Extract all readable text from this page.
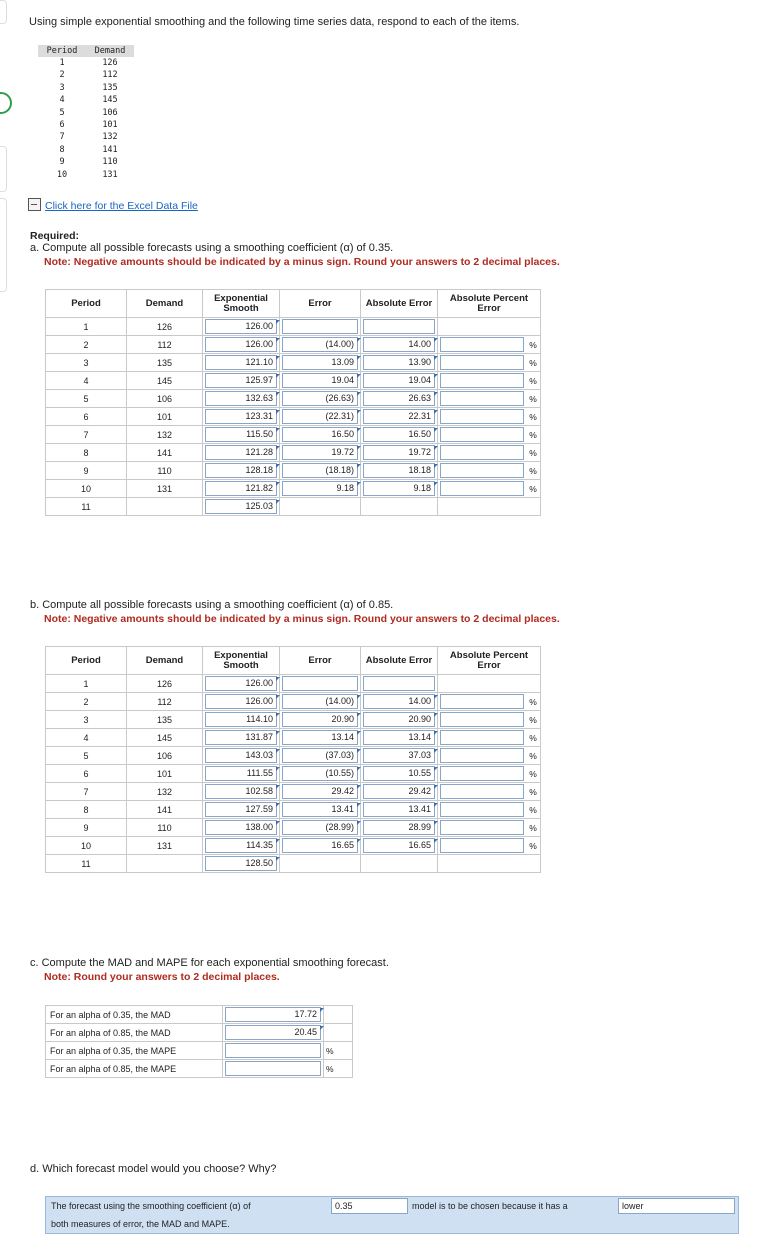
Using simple exponential smoothing and the following time series data, respond to each of the items.
Period	Demand
1	126
2	112
3	135
4	145
5	106
6	101
7	132
8	141
9	110
10	131
Click here for the Excel Data File
Required:
a. Compute all possible forecasts using a smoothing coefficient (α) of 0.35.
Note: Negative amounts should be indicated by a minus sign. Round your answers to 2 decimal places.
Period	Demand	Exponential Smooth	Error	Absolute Error	Absolute Percent Error
1	126	126.00			

2	112	126.00	(14.00)	14.00	%

3	135	121.10	13.09	13.90	%

4	145	125.97	19.04	19.04	%

5	106	132.63	(26.63)	26.63	%

6	101	123.31	(22.31)	22.31	%

7	132	115.50	16.50	16.50	%

8	141	121.28	19.72	19.72	%

9	110	128.18	(18.18)	18.18	%

10	131	121.82	9.18	9.18	%

11		125.03			

b. Compute all possible forecasts using a smoothing coefficient (α) of 0.85.
Note: Negative amounts should be indicated by a minus sign. Round your answers to 2 decimal places.
Period	Demand	Exponential Smooth	Error	Absolute Error	Absolute Percent Error
1	126	126.00			

2	112	126.00	(14.00)	14.00	%

3	135	114.10	20.90	20.90	%

4	145	131.87	13.14	13.14	%

5	106	143.03	(37.03)	37.03	%

6	101	111.55	(10.55)	10.55	%

7	132	102.58	29.42	29.42	%

8	141	127.59	13.41	13.41	%

9	110	138.00	(28.99)	28.99	%

10	131	114.35	16.65	16.65	%

11		128.50			

c. Compute the MAD and MAPE for each exponential smoothing forecast.
Note: Round your answers to 2 decimal places.
For an alpha of 0.35, the MAD	17.72	

For an alpha of 0.85, the MAD	20.45	

For an alpha of 0.35, the MAPE		%
For an alpha of 0.85, the MAPE		%
d. Which forecast model would you choose? Why?
The forecast using the smoothing coefficient (α) of	0.35	model is to be chosen because it has a	lower
both measures of error, the MAD and MAPE.
